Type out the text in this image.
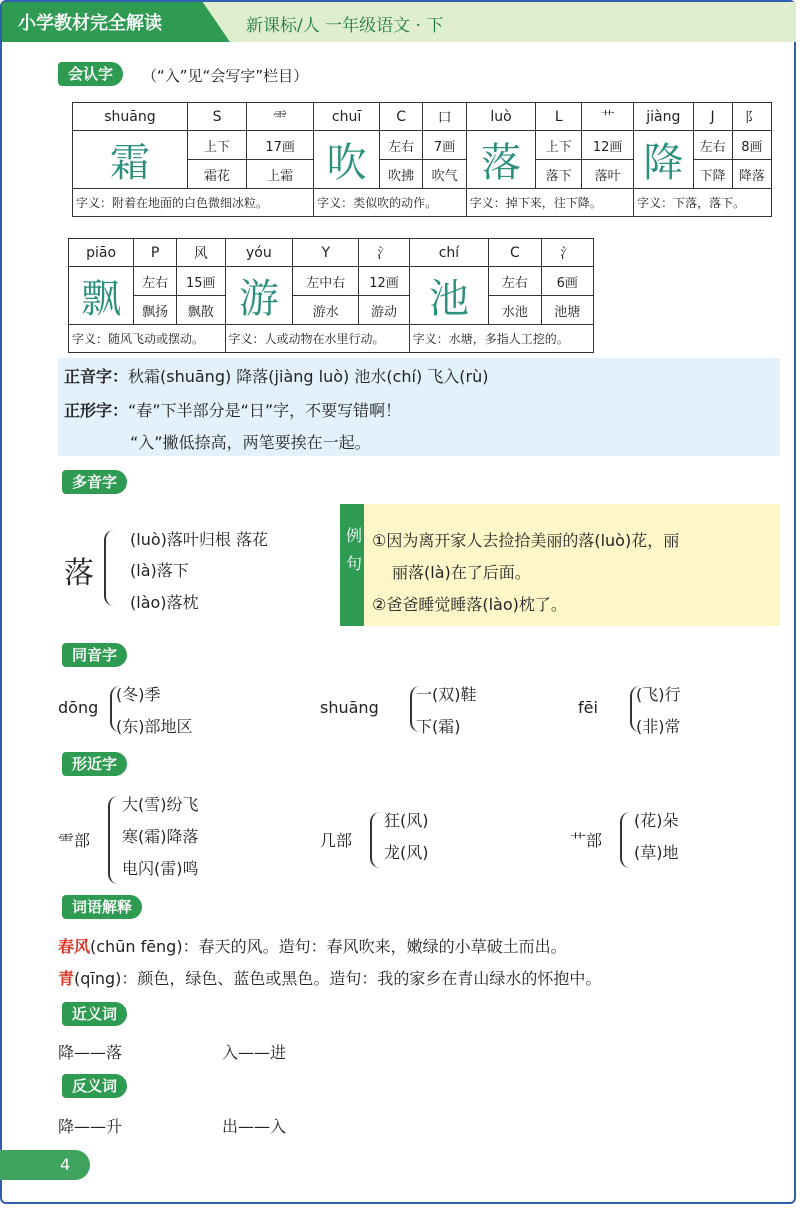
小学教材完全解读	新课标/人 一年级语文 · 下
会认字	（“入”见“会写字”栏目）
shuāng	S	⻗	chuī	C	口	luò	L	艹	jiàng	J	阝
霜	上下	17画	吹	左右	7画	落	上下	12画	降	左右	8画
	霜花	上霜		吹拂	吹气		落下	落叶		下降	降落
字义：附着在地面的白色微细冰粒。			字义：类似吹的动作。			字义：掉下来，往下降。			字义：下落，落下。		
piāo	P	风	yóu	Y	氵	chí	C	氵
飘	左右	15画	游	左中右	12画	池	左右	6画
	飘扬	飘散		游水	游动		水池	池塘
字义：随风飞动或摆动。			字义：人或动物在水里行动。			字义：水塘，多指人工挖的。		
正音字：秋霜(shuāng) 降落(jiàng luò) 池水(chí) 飞入(rù)
正形字：“春”下半部分是“日”字，不要写错啊！
“入”撇低捺高，两笔要挨在一起。
多音字
落
(luò)落叶归根 落花
(là)落下
(lào)落枕
例句
①因为离开家人去捡拾美丽的落(luò)花，丽
丽落(là)在了后面。
②爸爸睡觉睡落(lào)枕了。
同音字
dōng
(冬)季
(东)部地区
shuāng
一(双)鞋
下(霜)
fēi
(飞)行
(非)常
形近字
⻗部
大(雪)纷飞
寒(霜)降落
电闪(雷)鸣
几部
狂(风)
龙(风)
艹部
(花)朵
(草)地
词语解释
春风(chūn fēng)：春天的风。造句：春风吹来，嫩绿的小草破土而出。
青(qīng)：颜色，绿色、蓝色或黑色。造句：我的家乡在青山绿水的怀抱中。
近义词
降——落	入——进
反义词
降——升	出——入
4
